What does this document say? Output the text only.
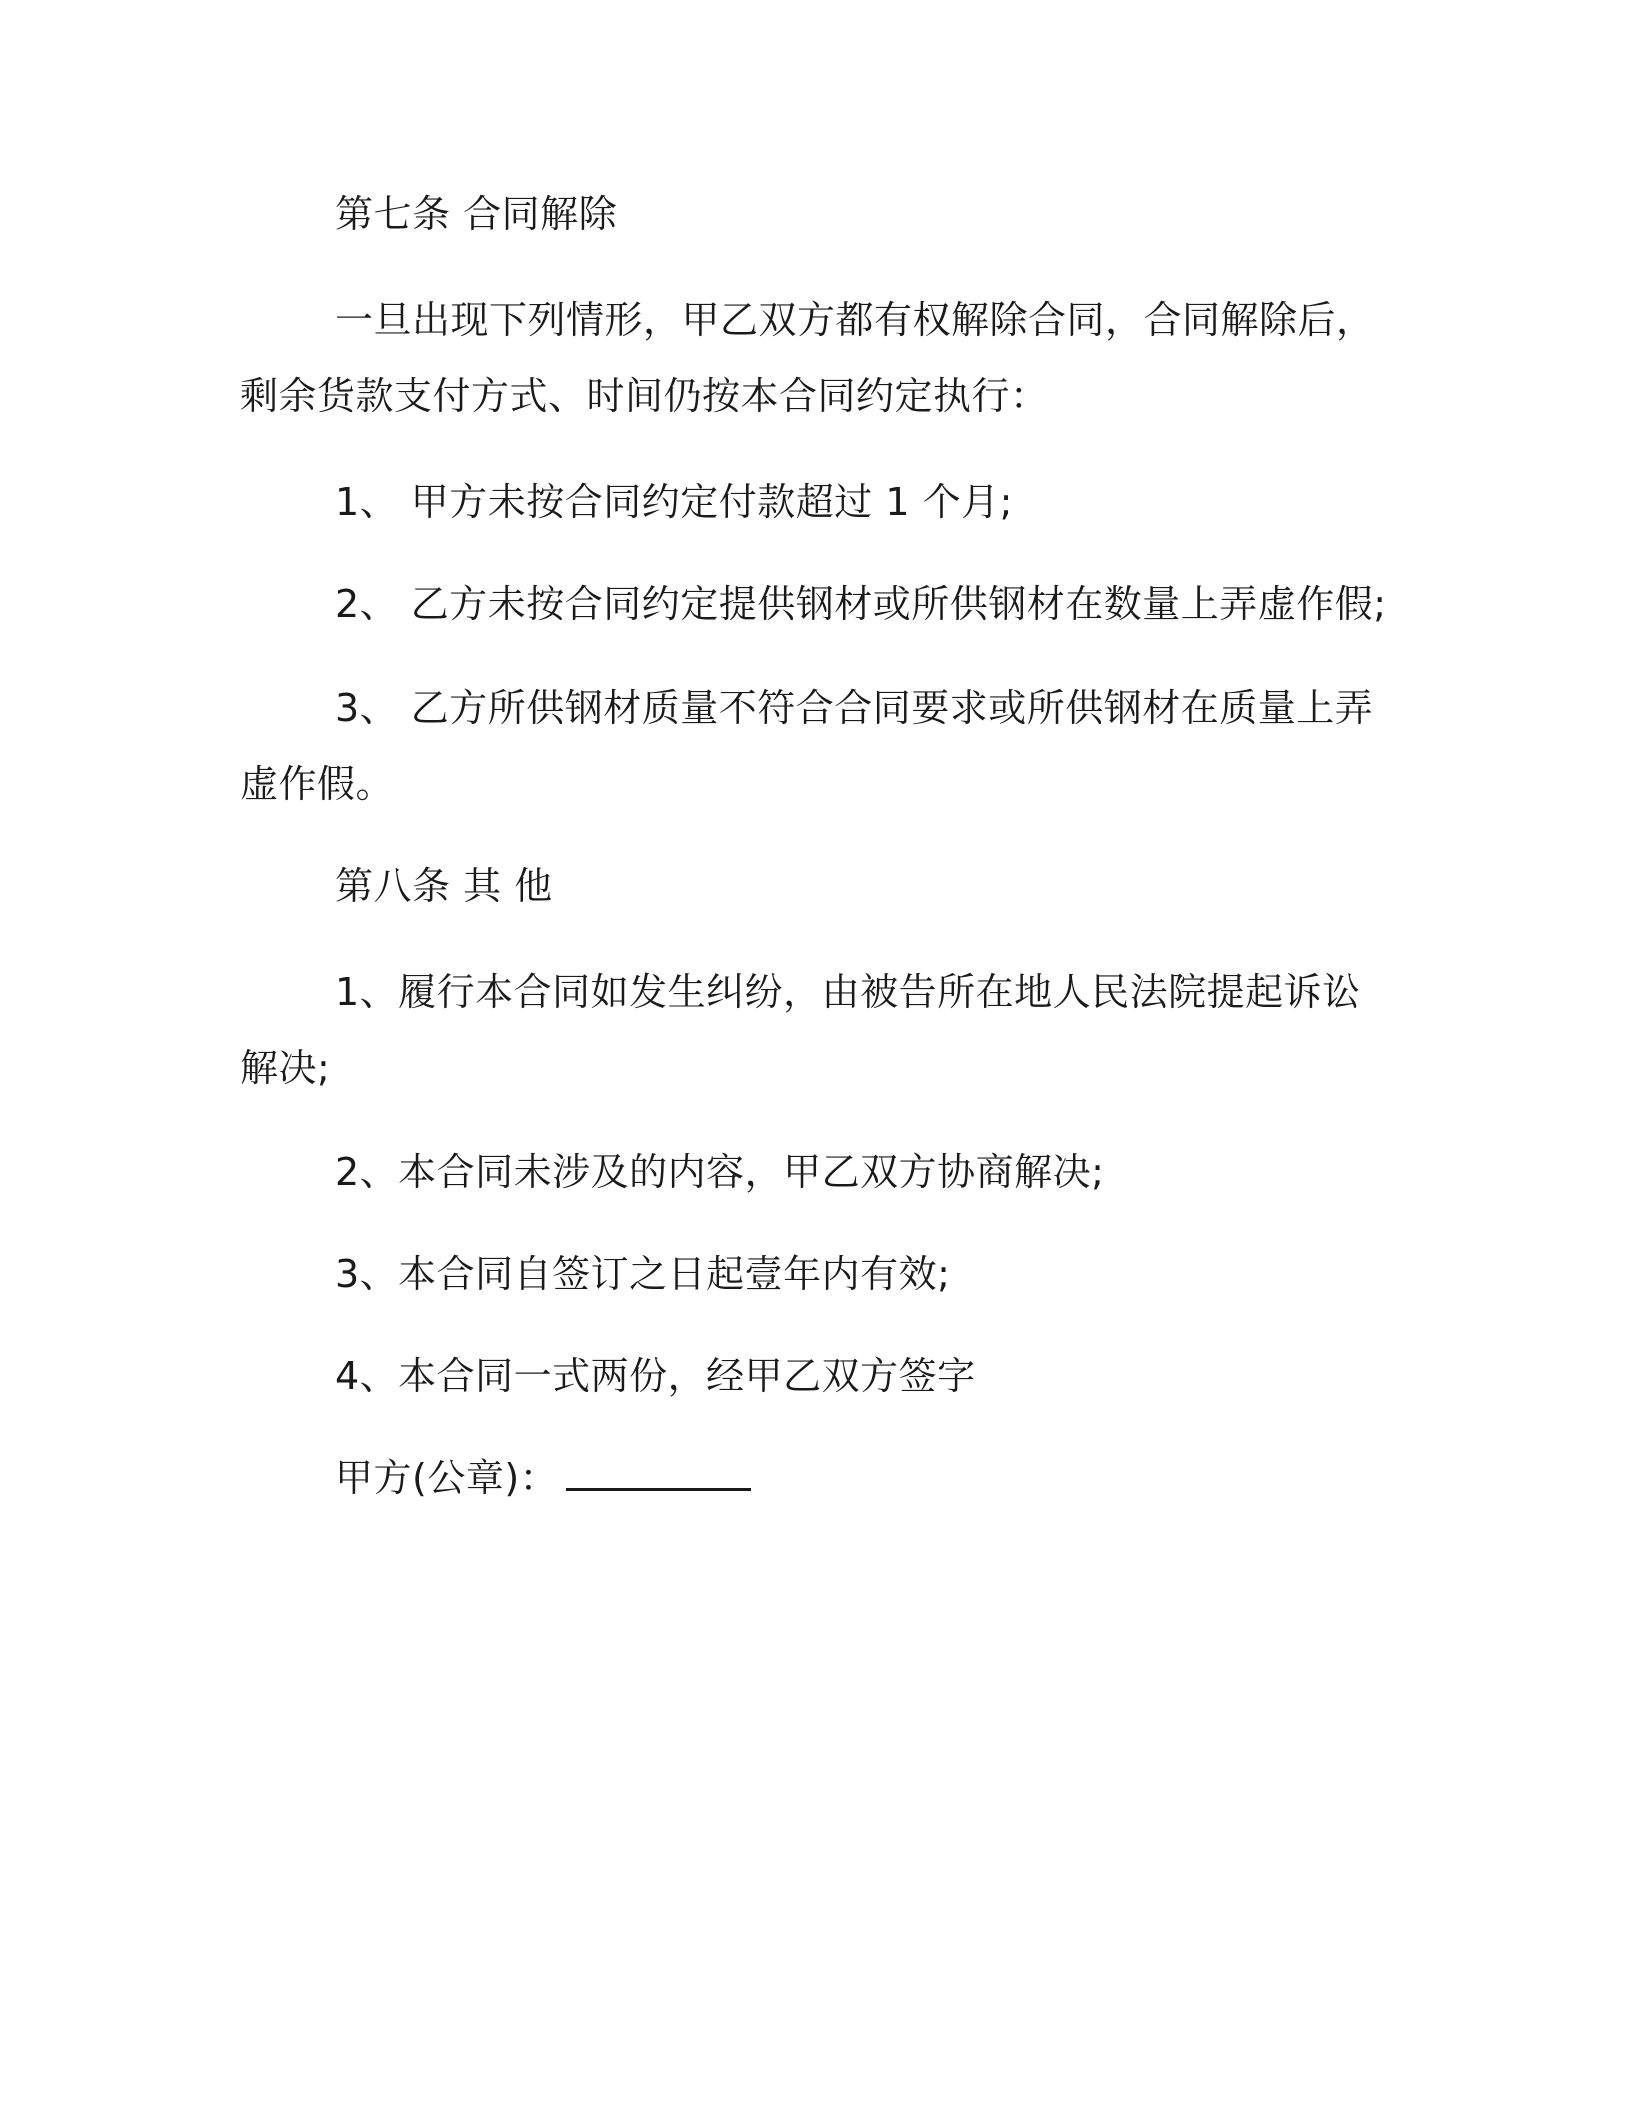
第七条 合同解除

一旦出现下列情形，甲乙双方都有权解除合同，合同解除后，剩余货款支付方式、时间仍按本合同约定执行：

1、 甲方未按合同约定付款超过 1 个月;

2、 乙方未按合同约定提供钢材或所供钢材在数量上弄虚作假;

3、 乙方所供钢材质量不符合合同要求或所供钢材在质量上弄虚作假。

第八条 其 他

1、履行本合同如发生纠纷，由被告所在地人民法院提起诉讼解决;

2、本合同未涉及的内容，甲乙双方协商解决;

3、本合同自签订之日起壹年内有效;

4、本合同一式两份，经甲乙双方签字

甲方(公章)：
